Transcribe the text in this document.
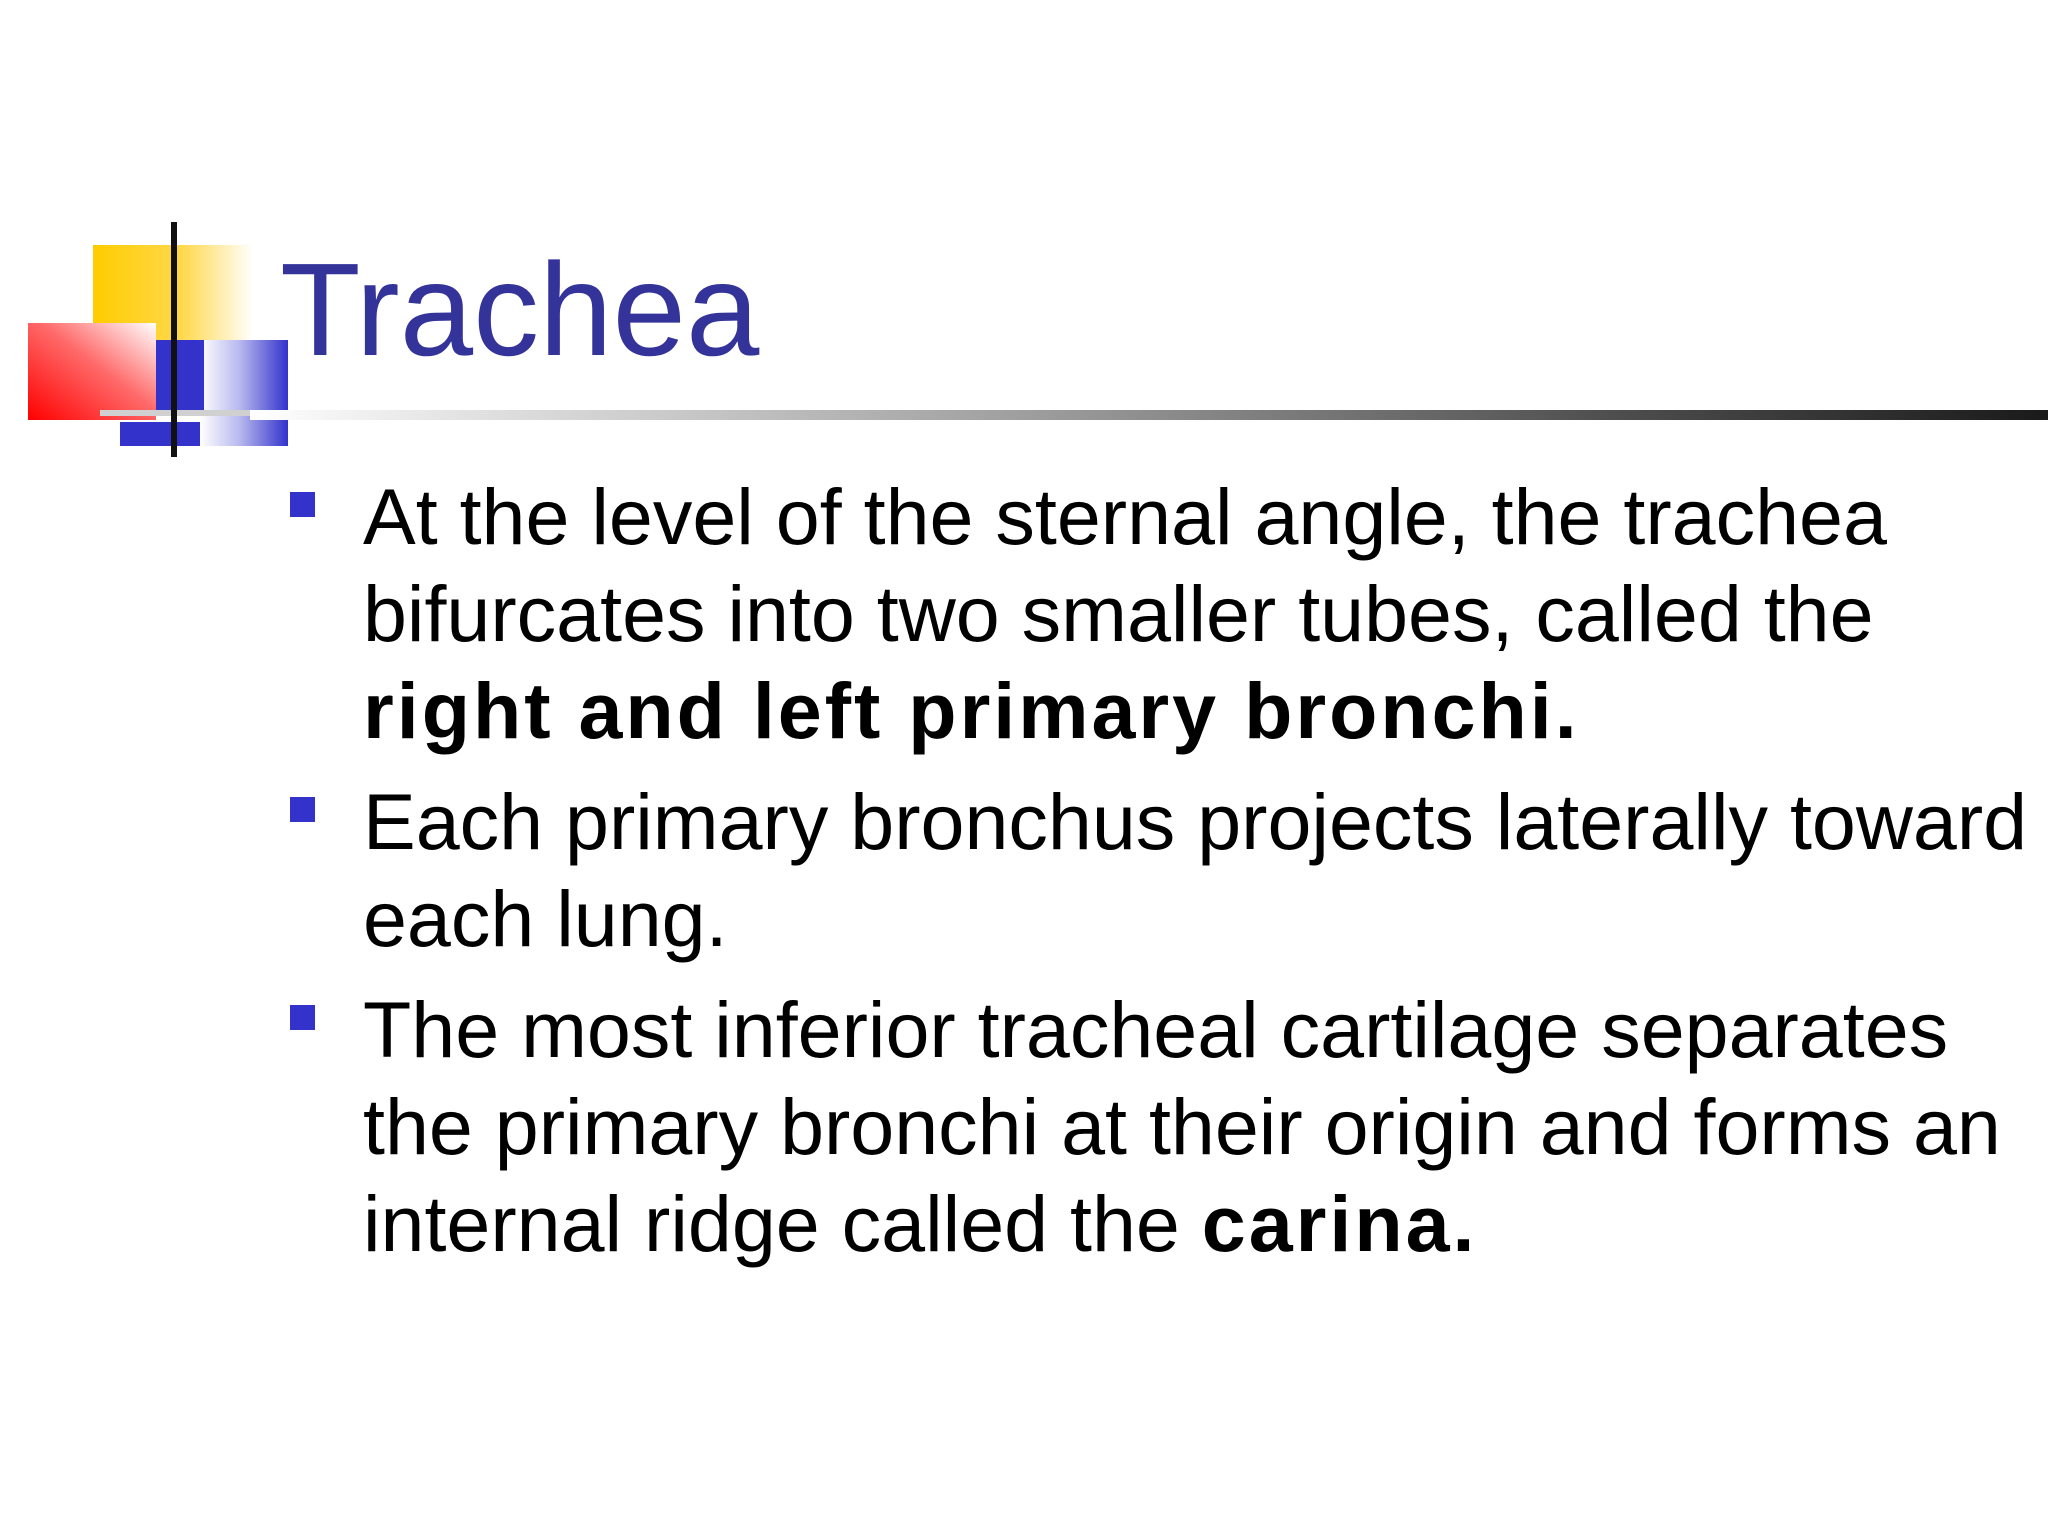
Trachea
At the level of the sternal angle, the trachea bifurcates into two smaller tubes, called the right and left primary bronchi.
Each primary bronchus projects laterally toward each lung.
The most inferior tracheal cartilage separates the primary bronchi at their origin and forms an internal ridge called the carina.
